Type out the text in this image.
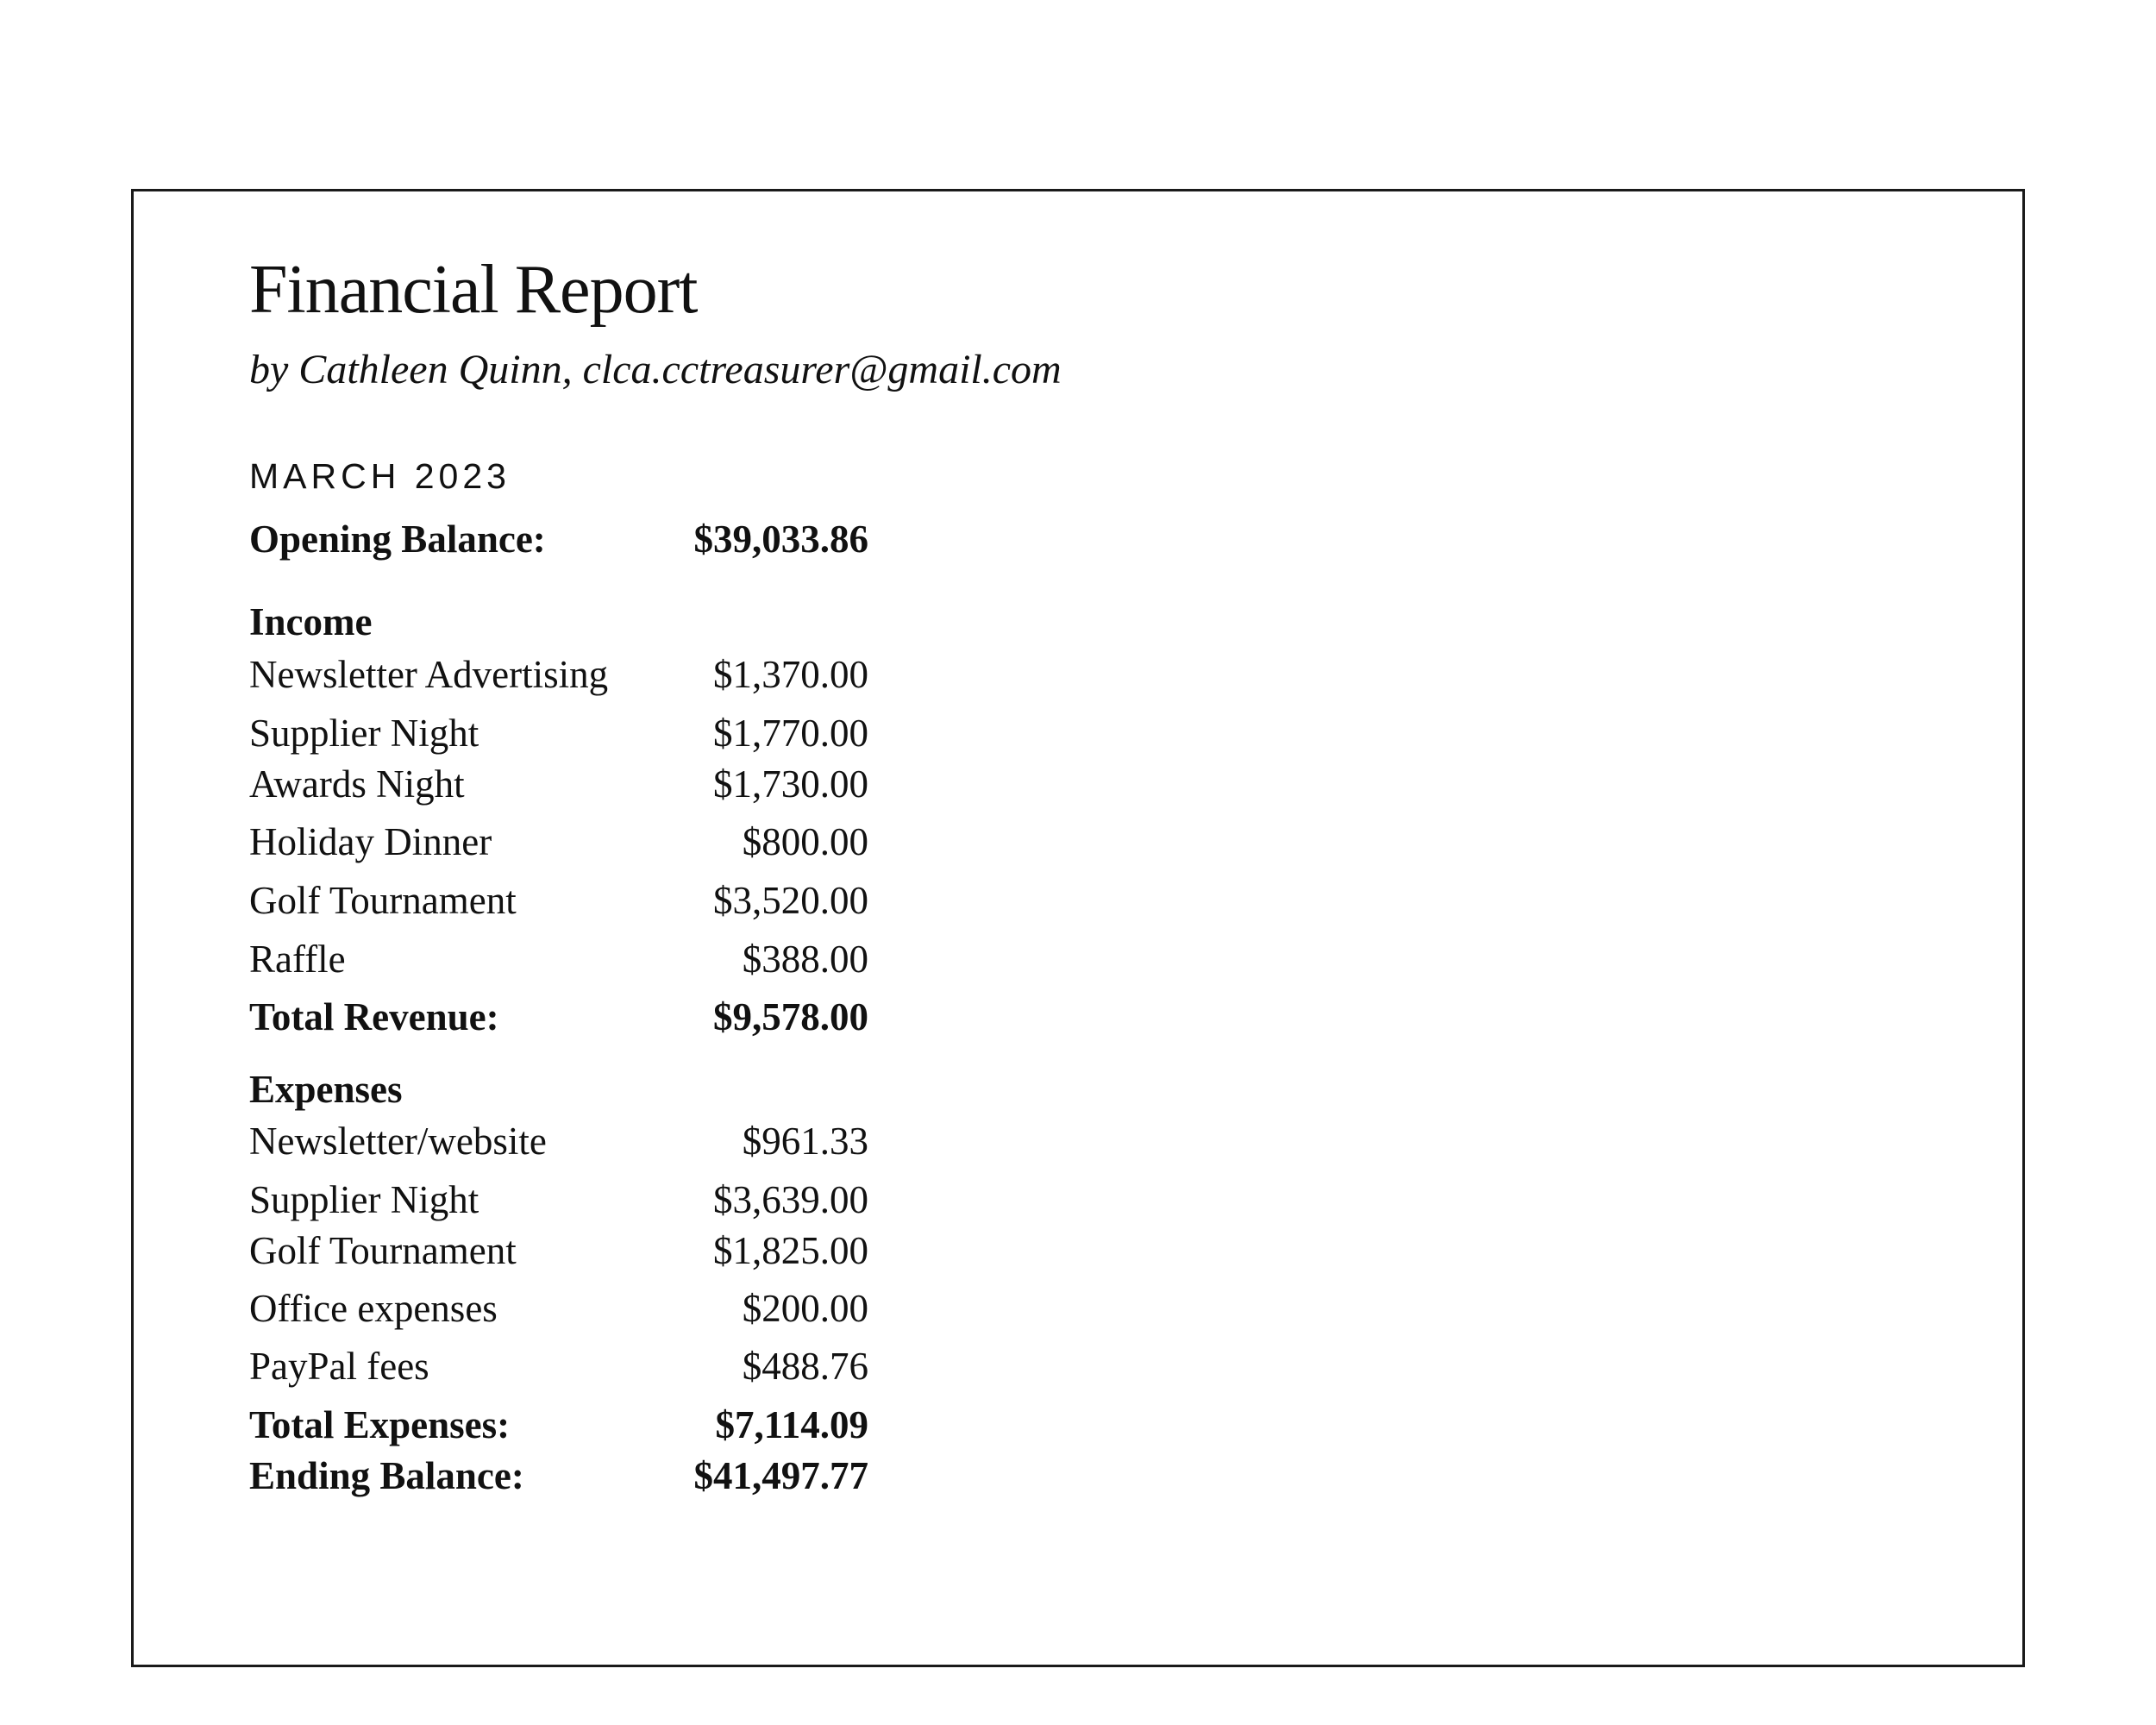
Financial Report
by Cathleen Quinn, clca.cctreasurer@gmail.com
MARCH 2023
Opening Balance:	$39,033.86
Income
Newsletter Advertising	$1,370.00
Supplier Night	$1,770.00
Awards Night	$1,730.00
Holiday Dinner	$800.00
Golf Tournament	$3,520.00
Raffle	$388.00
Total Revenue:	$9,578.00
Expenses
Newsletter/website	$961.33
Supplier Night	$3,639.00
Golf Tournament	$1,825.00
Office expenses	$200.00
PayPal fees	$488.76
Total Expenses:	$7,114.09
Ending Balance:	$41,497.77
